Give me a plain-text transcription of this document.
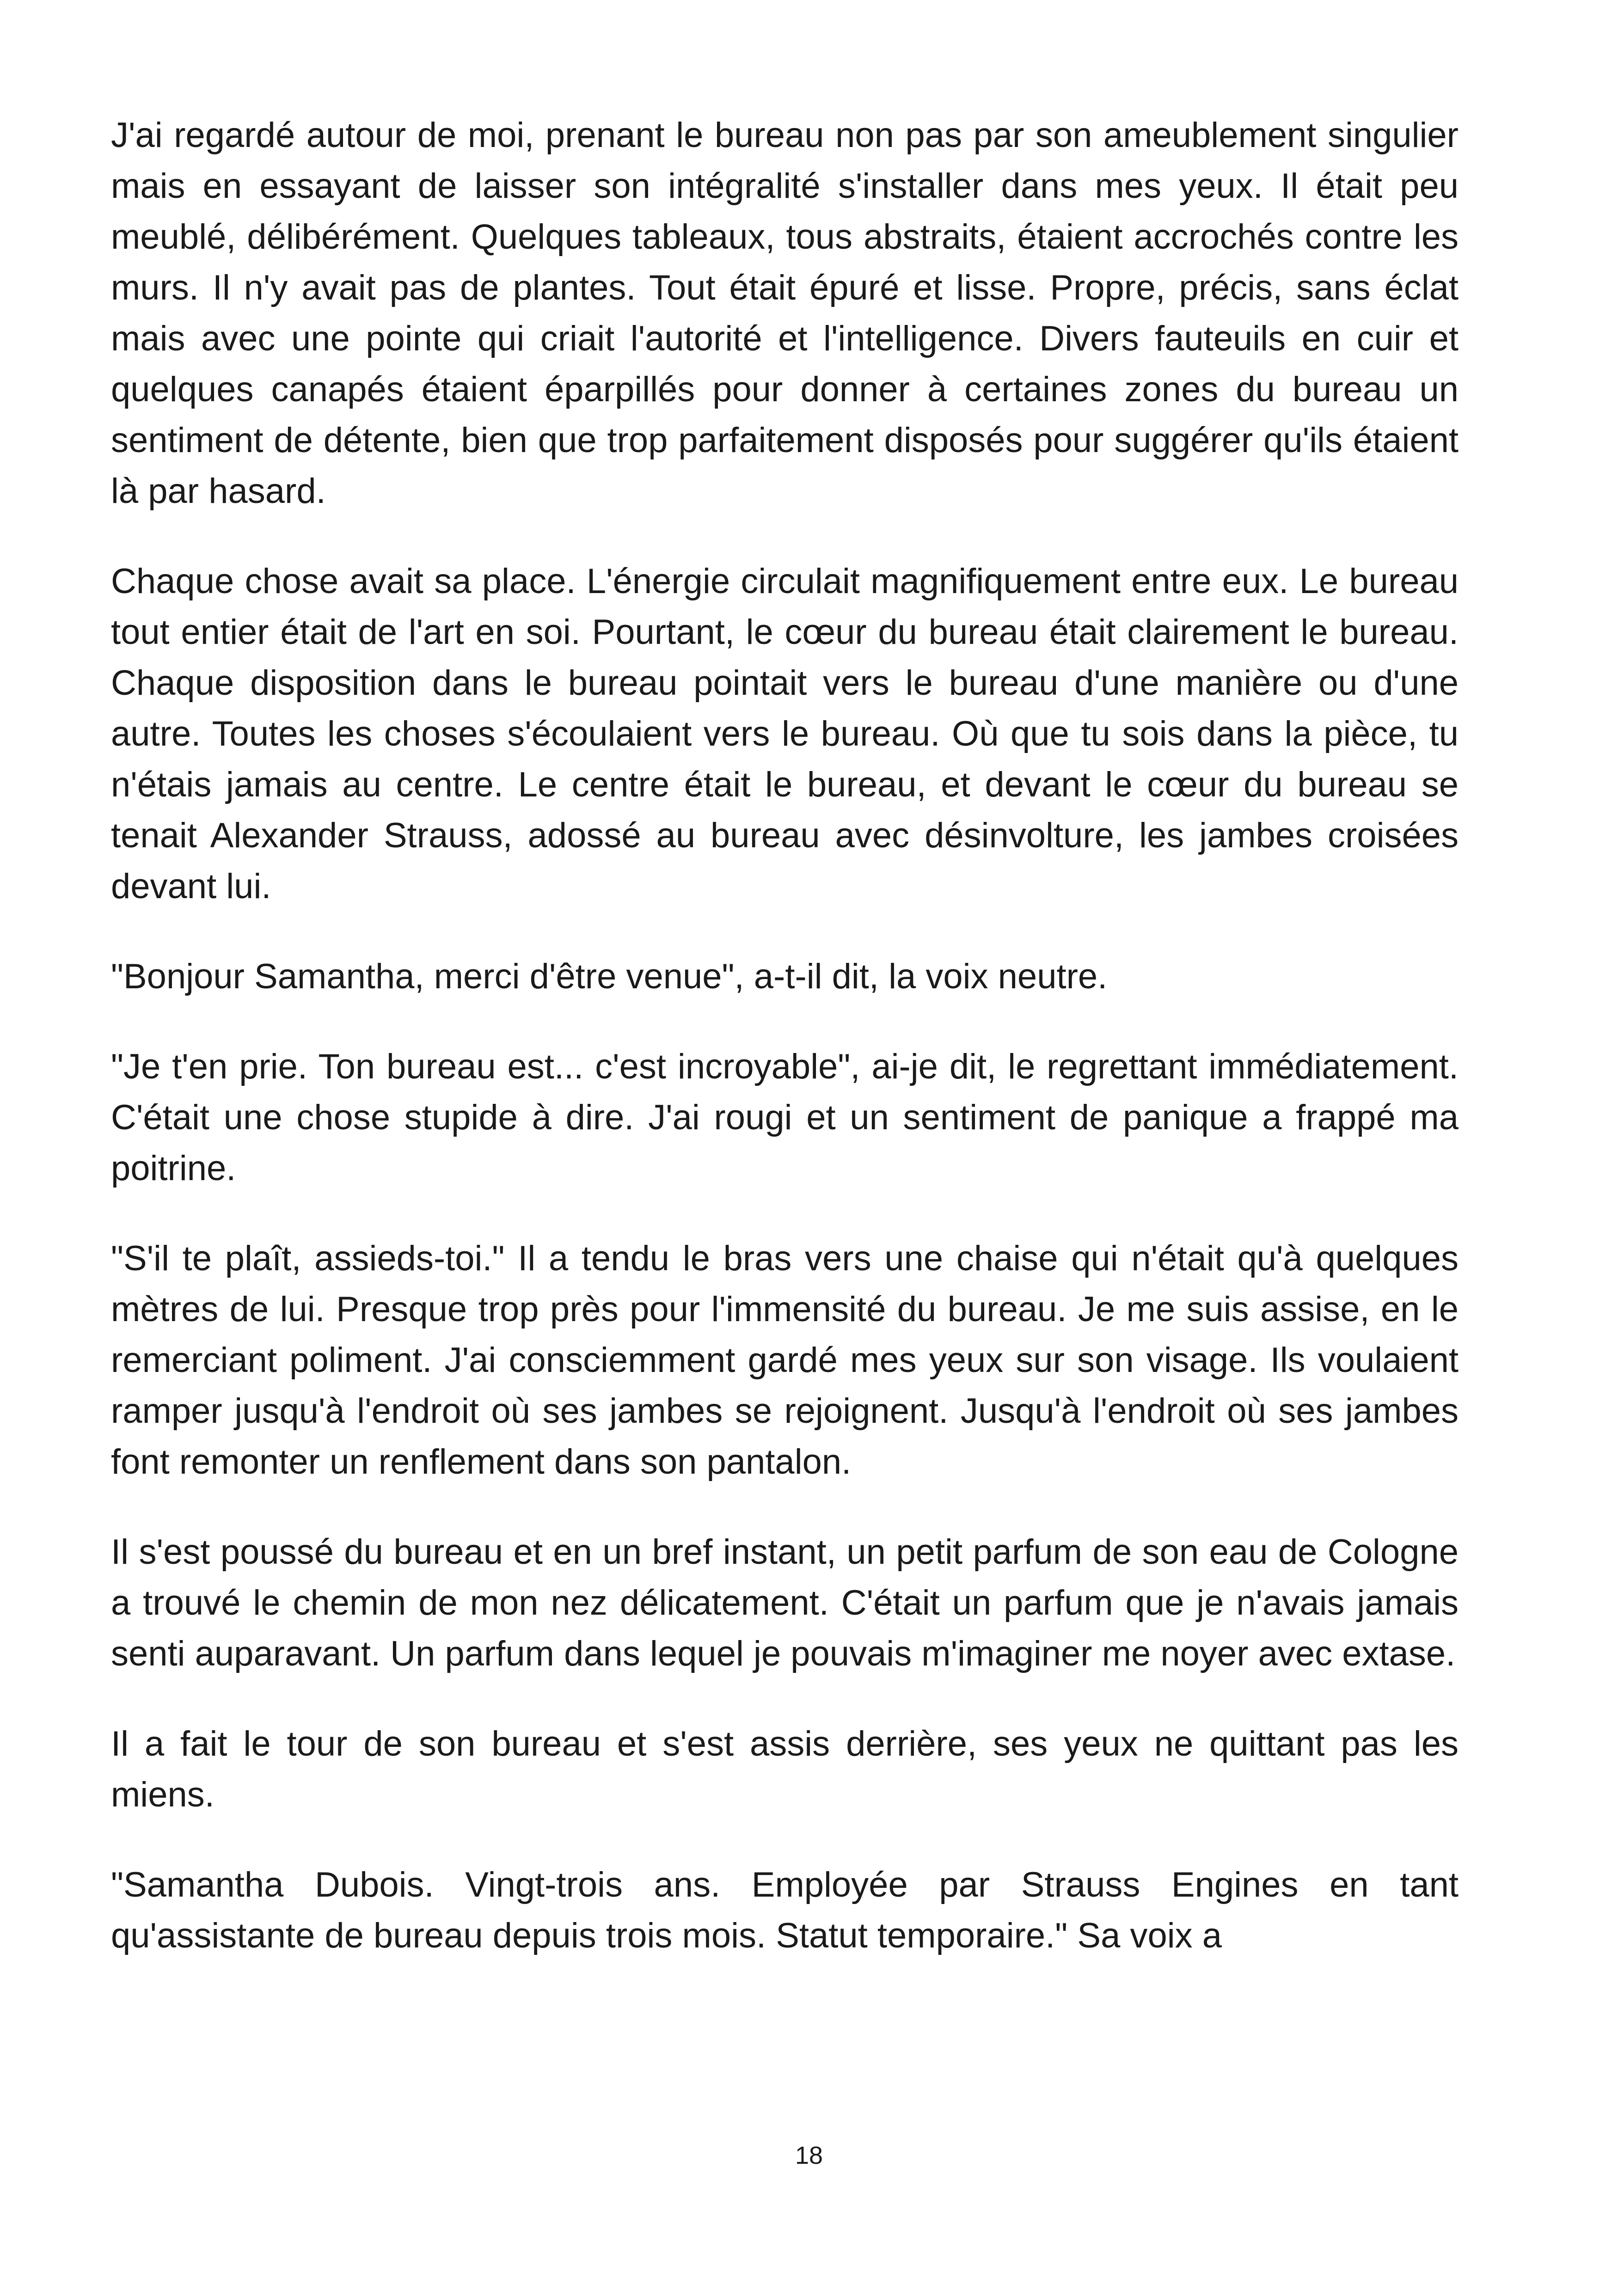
J'ai regardé autour de moi, prenant le bureau non pas par son ameublement singulier mais en essayant de laisser son intégralité s'installer dans mes yeux. Il était peu meublé, délibérément. Quelques tableaux, tous abstraits, étaient accrochés contre les murs. Il n'y avait pas de plantes. Tout était épuré et lisse. Propre, précis, sans éclat mais avec une pointe qui criait l'autorité et l'intelligence. Divers fauteuils en cuir et quelques canapés étaient éparpillés pour donner à certaines zones du bureau un sentiment de détente, bien que trop parfaitement disposés pour suggérer qu'ils étaient là par hasard.

Chaque chose avait sa place. L'énergie circulait magnifiquement entre eux. Le bureau tout entier était de l'art en soi. Pourtant, le cœur du bureau était clairement le bureau. Chaque disposition dans le bureau pointait vers le bureau d'une manière ou d'une autre. Toutes les choses s'écoulaient vers le bureau. Où que tu sois dans la pièce, tu n'étais jamais au centre. Le centre était le bureau, et devant le cœur du bureau se tenait Alexander Strauss, adossé au bureau avec désinvolture, les jambes croisées devant lui.

"Bonjour Samantha, merci d'être venue", a-t-il dit, la voix neutre.

"Je t'en prie. Ton bureau est... c'est incroyable", ai-je dit, le regrettant immédiatement. C'était une chose stupide à dire. J'ai rougi et un sentiment de panique a frappé ma poitrine.

"S'il te plaît, assieds-toi." Il a tendu le bras vers une chaise qui n'était qu'à quelques mètres de lui. Presque trop près pour l'immensité du bureau. Je me suis assise, en le remerciant poliment. J'ai consciemment gardé mes yeux sur son visage. Ils voulaient ramper jusqu'à l'endroit où ses jambes se rejoignent. Jusqu'à l'endroit où ses jambes font remonter un renflement dans son pantalon.

Il s'est poussé du bureau et en un bref instant, un petit parfum de son eau de Cologne a trouvé le chemin de mon nez délicatement. C'était un parfum que je n'avais jamais senti auparavant. Un parfum dans lequel je pouvais m'imaginer me noyer avec extase.

Il a fait le tour de son bureau et s'est assis derrière, ses yeux ne quittant pas les miens.

"Samantha Dubois. Vingt-trois ans. Employée par Strauss Engines en tant qu'assistante de bureau depuis trois mois. Statut temporaire." Sa voix a

18
